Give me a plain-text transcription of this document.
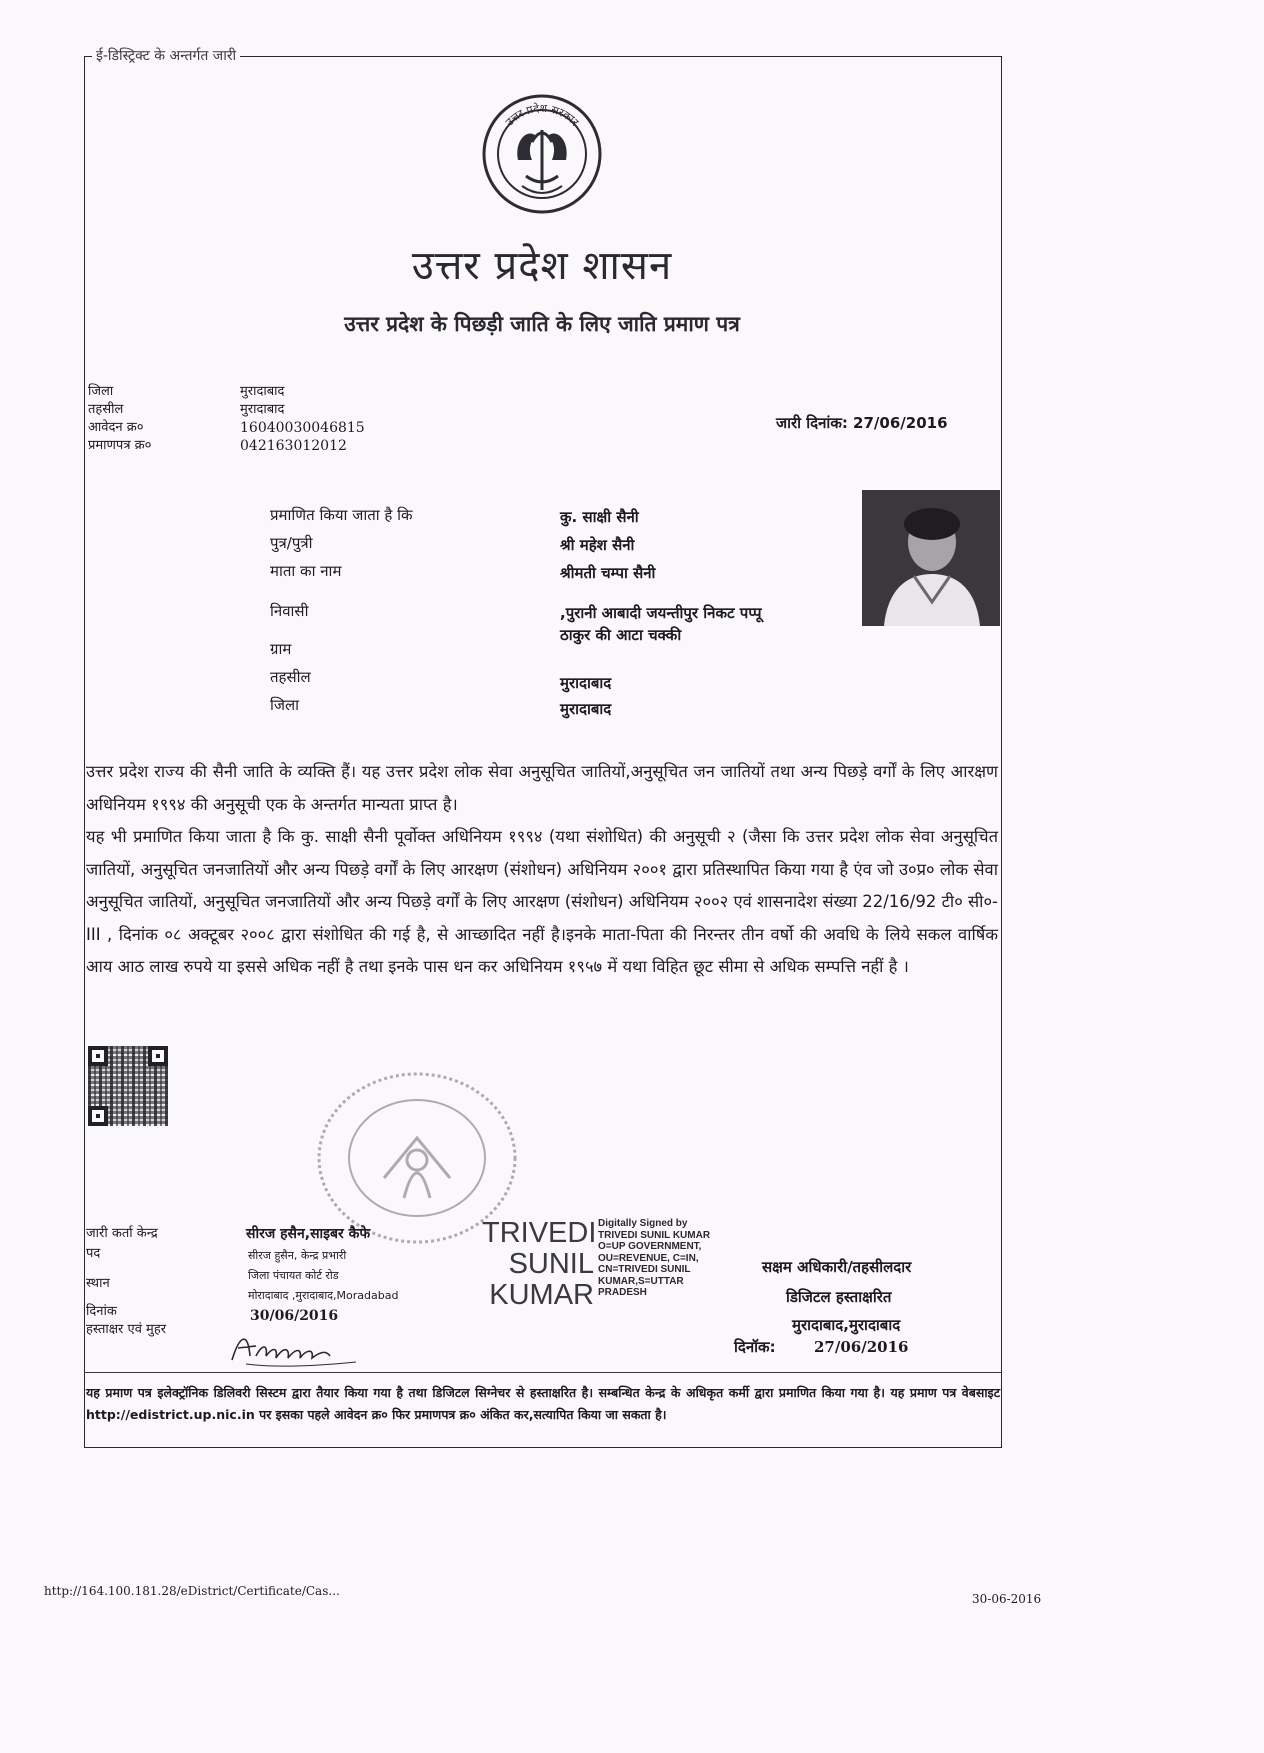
ई-डिस्ट्रिक्ट के अन्तर्गत जारी
उत्तर प्रदेश सरकार
उत्तर प्रदेश शासन
उत्तर प्रदेश के पिछड़ी जाति के लिए जाति प्रमाण पत्र
जिला
तहसील
आवेदन क्र०
प्रमाणपत्र क्र०
मुरादाबाद
मुरादाबाद
16040030046815
042163012012
जारी दिनांक: 27/06/2016
प्रमाणित किया जाता है कि
पुत्र/पुत्री
माता का नाम
निवासी
ग्राम
तहसील
जिला
कु. साक्षी सैनी
श्री महेश सैनी
श्रीमती चम्पा सैनी
,पुरानी आबादी जयन्तीपुर निकट पप्पू
ठाकुर की आटा चक्की
मुरादाबाद
मुरादाबाद

उत्तर प्रदेश राज्य की सैनी जाति के व्यक्ति हैं। यह उत्तर प्रदेश लोक सेवा अनुसूचित जातियों,अनुसूचित जन जातियों तथा अन्य पिछड़े वर्गों के लिए आरक्षण अधिनियम १९९४ की अनुसूची एक के अन्तर्गत मान्यता प्राप्त है।

यह भी प्रमाणित किया जाता है कि कु. साक्षी सैनी पूर्वोक्त अधिनियम १९९४ (यथा संशोधित) की अनुसूची २ (जैसा कि उत्तर प्रदेश लोक सेवा अनुसूचित जातियों, अनुसूचित जनजातियों और अन्य पिछड़े वर्गों के लिए आरक्षण (संशोधन) अधिनियम २००१ द्वारा प्रतिस्थापित किया गया है एंव जो उ०प्र० लोक सेवा अनुसूचित जातियों, अनुसूचित जनजातियों और अन्य पिछड़े वर्गों के लिए आरक्षण (संशोधन) अधिनियम २००२ एवं शासनादेश संख्या 22/16/92 टी० सी०-III , दिनांक ०८ अक्टूबर २००८ द्वारा संशोधित की गई है, से आच्छादित नहीं है।इनके माता-पिता की निरन्तर तीन वर्षो की अवधि के लिये सकल वार्षिक आय आठ लाख रुपये या इससे अधिक नहीं है तथा इनके पास धन कर अधिनियम १९५७ में यथा विहित छूट सीमा से अधिक सम्पत्ति नहीं है ।

जारी कर्ता केन्द्र
पद
स्थान
दिनांक
हस्ताक्षर एवं मुहर
सीरज हसैन,साइबर कैफे
सीरज हुसैन, केन्द्र प्रभारी
जिला पंचायत कोर्ट रोड
मोरादाबाद ,मुरादाबाद,Moradabad
30/06/2016
TRIVEDI
SUNIL
KUMAR
Digitally Signed by
TRIVEDI SUNIL KUMAR
O=UP GOVERNMENT,
OU=REVENUE, C=IN,
CN=TRIVEDI SUNIL
KUMAR,S=UTTAR
PRADESH
सक्षम अधिकारी/तहसीलदार
डिजिटल हस्ताक्षरित
मुरादाबाद,मुरादाबाद
दिनॉक:	27/06/2016
यह प्रमाण पत्र इलेक्ट्रॉनिक डिलिवरी सिस्टम द्वारा तैयार किया गया है तथा डिजिटल सिग्नेचर से हस्ताक्षरित है। सम्बन्धित केन्द्र के अधिकृत कर्मी द्वारा प्रमाणित किया गया है। यह प्रमाण पत्र वेबसाइट http://edistrict.up.nic.in पर इसका पहले आवेदन क्र० फिर प्रमाणपत्र क्र० अंकित कर,सत्यापित किया जा सकता है।
http://164.100.181.28/eDistrict/Certificate/Cas...
30-06-2016
